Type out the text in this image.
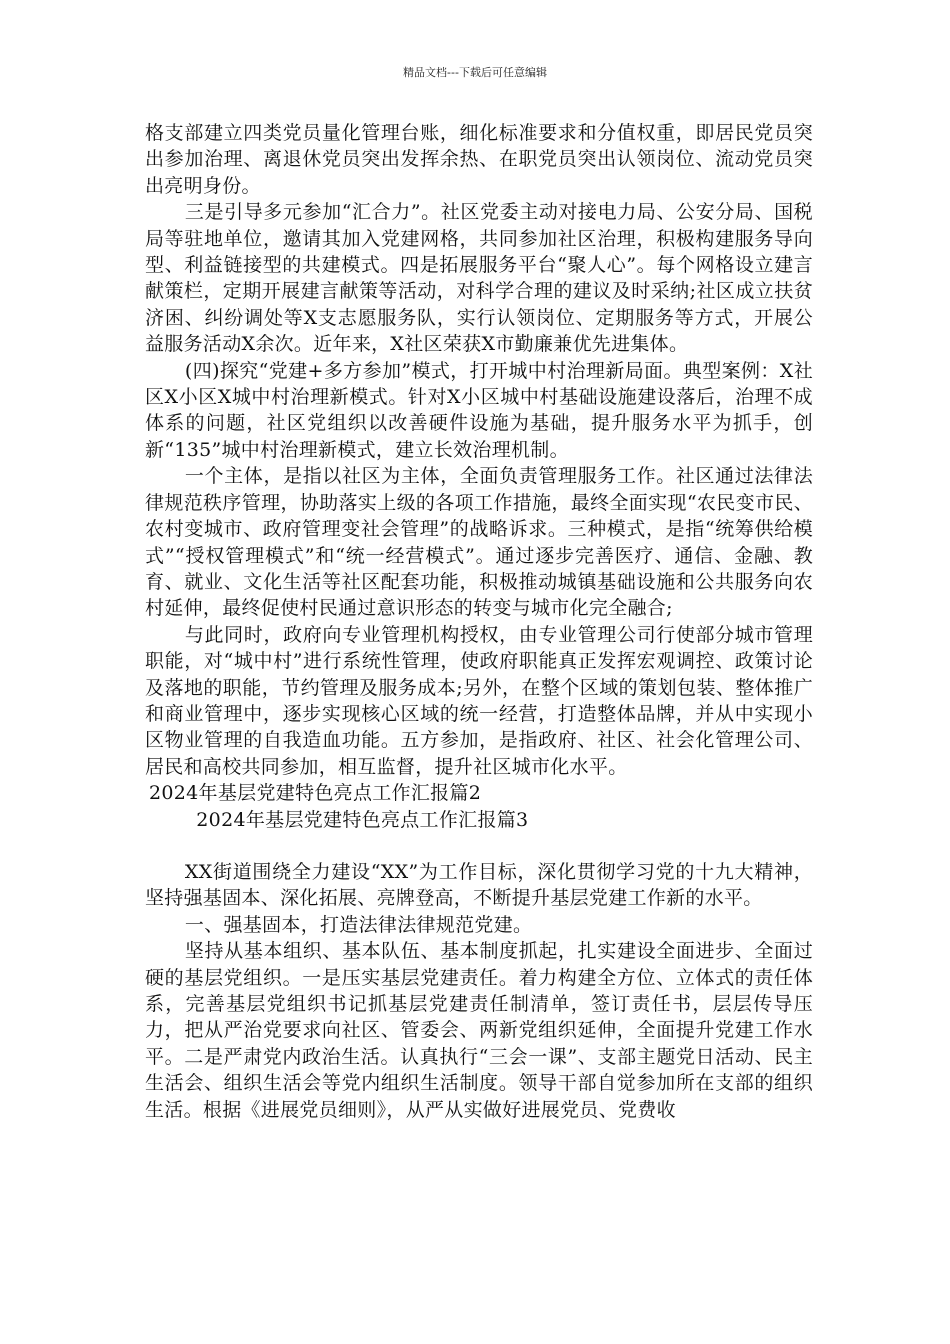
精品文档---下载后可任意编辑

格支部建立四类党员量化管理台账，细化标准要求和分值权重，即居民党员突出参加治理、离退休党员突出发挥余热、在职党员突出认领岗位、流动党员突出亮明身份。

三是引导多元参加“汇合力”。社区党委主动对接电力局、公安分局、国税局等驻地单位，邀请其加入党建网格，共同参加社区治理，积极构建服务导向型、利益链接型的共建模式。四是拓展服务平台“聚人心”。每个网格设立建言献策栏，定期开展建言献策等活动，对科学合理的建议及时采纳;社区成立扶贫济困、纠纷调处等X支志愿服务队，实行认领岗位、定期服务等方式，开展公益服务活动X余次。近年来，X社区荣获X市勤廉兼优先进集体。

(四)探究“党建+多方参加”模式，打开城中村治理新局面。典型案例：X社区X小区X城中村治理新模式。针对X小区城中村基础设施建设落后，治理不成体系的问题，社区党组织以改善硬件设施为基础，提升服务水平为抓手，创新“135”城中村治理新模式，建立长效治理机制。

一个主体，是指以社区为主体，全面负责管理服务工作。社区通过法律法律规范秩序管理，协助落实上级的各项工作措施，最终全面实现“农民变市民、农村变城市、政府管理变社会管理”的战略诉求。三种模式，是指“统筹供给模式”“授权管理模式”和“统一经营模式”。通过逐步完善医疗、通信、金融、教育、就业、文化生活等社区配套功能，积极推动城镇基础设施和公共服务向农村延伸，最终促使村民通过意识形态的转变与城市化完全融合;

与此同时，政府向专业管理机构授权，由专业管理公司行使部分城市管理职能，对“城中村”进行系统性管理，使政府职能真正发挥宏观调控、政策讨论及落地的职能，节约管理及服务成本;另外，在整个区域的策划包装、整体推广和商业管理中，逐步实现核心区域的统一经营，打造整体品牌，并从中实现小区物业管理的自我造血功能。五方参加，是指政府、社区、社会化管理公司、居民和高校共同参加，相互监督，提升社区城市化水平。

2024年基层党建特色亮点工作汇报篇2

2024年基层党建特色亮点工作汇报篇3

XX街道围绕全力建设“XX”为工作目标，深化贯彻学习党的十九大精神，坚持强基固本、深化拓展、亮牌登高，不断提升基层党建工作新的水平。

一、强基固本，打造法律法律规范党建。

坚持从基本组织、基本队伍、基本制度抓起，扎实建设全面进步、全面过硬的基层党组织。一是压实基层党建责任。着力构建全方位、立体式的责任体系，完善基层党组织书记抓基层党建责任制清单，签订责任书，层层传导压力，把从严治党要求向社区、管委会、两新党组织延伸，全面提升党建工作水平。二是严肃党内政治生活。认真执行“三会一课”、支部主题党日活动、民主生活会、组织生活会等党内组织生活制度。领导干部自觉参加所在支部的组织生活。根据《进展党员细则》，从严从实做好进展党员、党费收
